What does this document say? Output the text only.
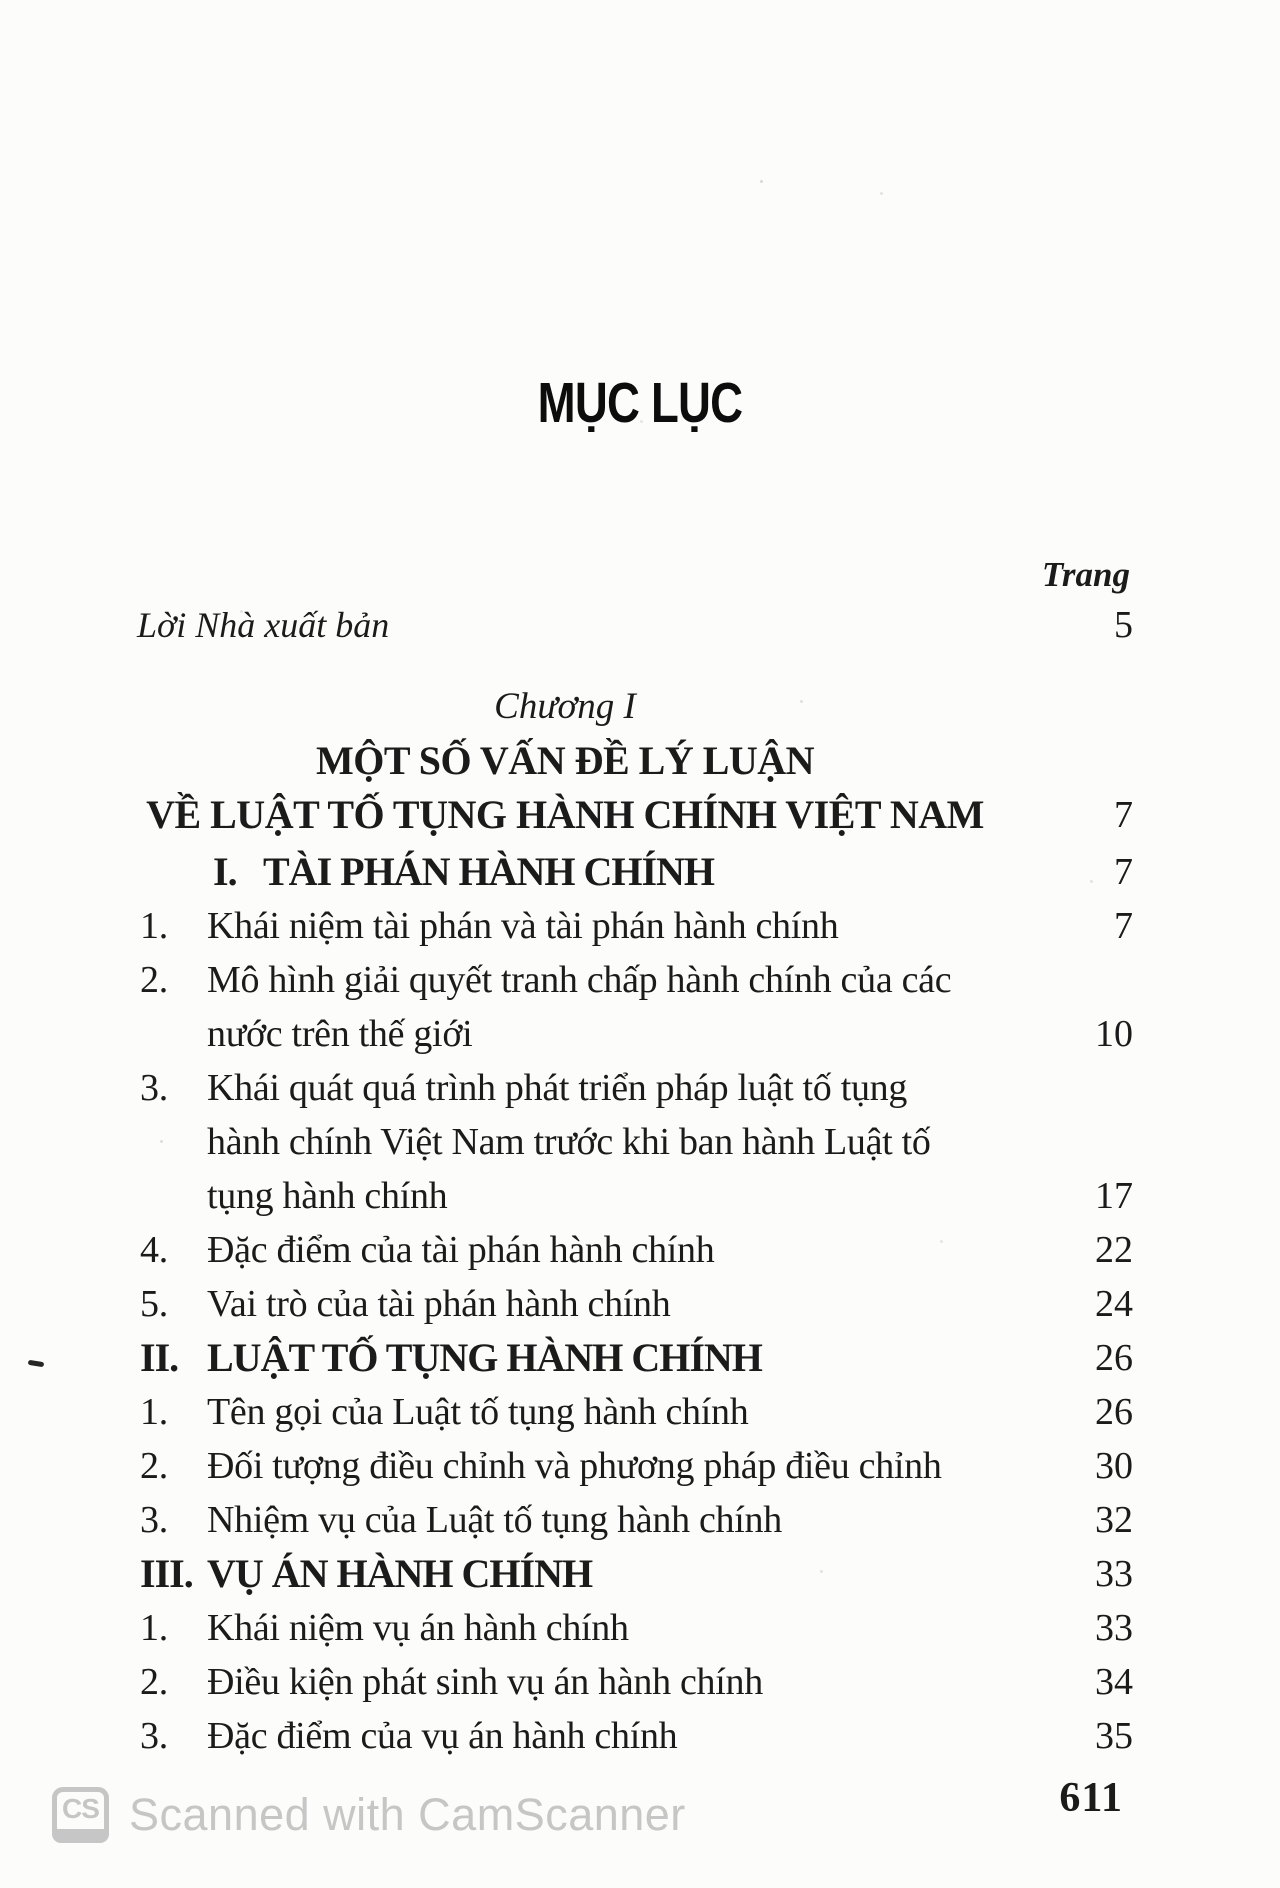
MỤC LỤC
Trang
Lời Nhà xuất bản	5
Chương I
MỘT SỐ VẤN ĐỀ LÝ LUẬN
VỀ LUẬT TỐ TỤNG HÀNH CHÍNH VIỆT NAM	7
I. TÀI PHÁN HÀNH CHÍNH	7
1.	Khái niệm tài phán và tài phán hành chính	7
2.	Mô hình giải quyết tranh chấp hành chính của các
nước trên thế giới	10
3.	Khái quát quá trình phát triển pháp luật tố tụng
hành chính Việt Nam trước khi ban hành Luật tố
tụng hành chính	17
4.	Đặc điểm của tài phán hành chính	22
5.	Vai trò của tài phán hành chính	24
II. LUẬT TỐ TỤNG HÀNH CHÍNH	26
1.	Tên gọi của Luật tố tụng hành chính	26
2.	Đối tượng điều chỉnh và phương pháp điều chỉnh	30
3.	Nhiệm vụ của Luật tố tụng hành chính	32
III. VỤ ÁN HÀNH CHÍNH	33
1.	Khái niệm vụ án hành chính	33
2.	Điều kiện phát sinh vụ án hành chính	34
3.	Đặc điểm của vụ án hành chính	35
611
CS Scanned with CamScanner
